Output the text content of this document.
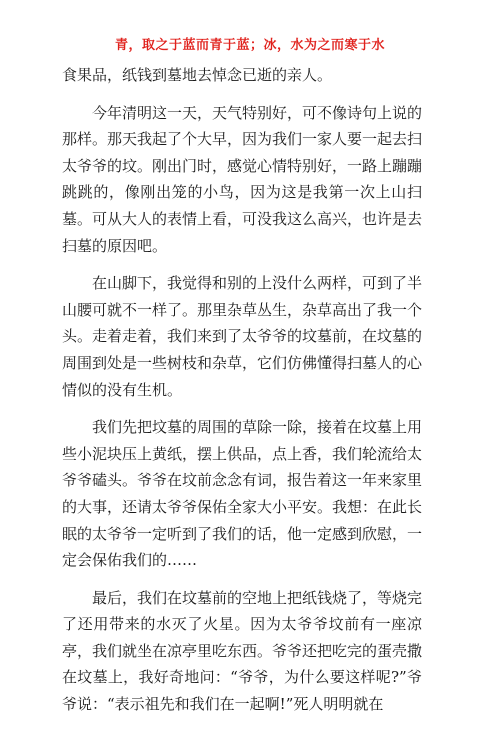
青，取之于蓝而青于蓝；冰，水为之而寒于水

食果品，纸钱到墓地去悼念已逝的亲人。

今年清明这一天，天气特别好，可不像诗句上说的那样。那天我起了个大早，因为我们一家人要一起去扫太爷爷的坟。刚出门时，感觉心情特别好，一路上蹦蹦跳跳的，像刚出笼的小鸟，因为这是我第一次上山扫墓。可从大人的表情上看，可没我这么高兴，也许是去扫墓的原因吧。

在山脚下，我觉得和别的上没什么两样，可到了半山腰可就不一样了。那里杂草丛生，杂草高出了我一个头。走着走着，我们来到了太爷爷的坟墓前，在坟墓的周围到处是一些树枝和杂草，它们仿佛懂得扫墓人的心情似的没有生机。

我们先把坟墓的周围的草除一除，接着在坟墓上用些小泥块压上黄纸，摆上供品，点上香，我们轮流给太爷爷磕头。爷爷在坟前念念有词，报告着这一年来家里的大事，还请太爷爷保佑全家大小平安。我想：在此长眠的太爷爷一定听到了我们的话，他一定感到欣慰，一定会保佑我们的……

最后，我们在坟墓前的空地上把纸钱烧了，等烧完了还用带来的水灭了火星。因为太爷爷坟前有一座凉亭，我们就坐在凉亭里吃东西。爷爷还把吃完的蛋壳撒在坟墓上，我好奇地问：“爷爷，为什么要这样呢?”爷爷说：“表示祖先和我们在一起啊!”死人明明就在
